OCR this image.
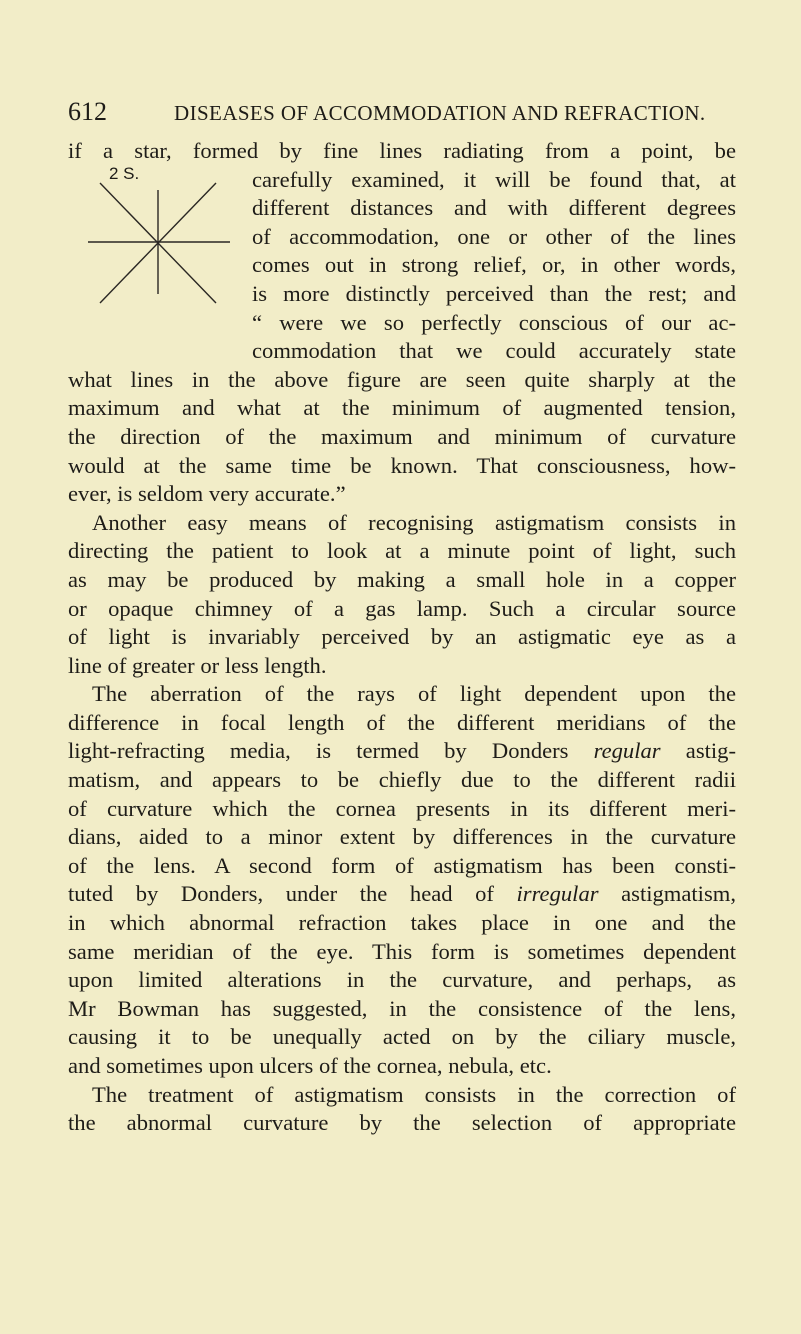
612	DISEASES OF ACCOMMODATION AND REFRACTION.
2 S.
if a star, formed by fine lines radiating from a point, be
carefully examined, it will be found that, at
different distances and with different degrees
of accommodation, one or other of the lines
comes out in strong relief, or, in other words,
is more distinctly perceived than the rest; and
“ were we so perfectly conscious of our ac-
commodation that we could accurately state
what lines in the above figure are seen quite sharply at the
maximum and what at the minimum of augmented tension,
the direction of the maximum and minimum of curvature
would at the same time be known. That consciousness, how-
ever, is seldom very accurate.”
Another easy means of recognising astigmatism consists in
directing the patient to look at a minute point of light, such
as may be produced by making a small hole in a copper
or opaque chimney of a gas lamp. Such a circular source
of light is invariably perceived by an astigmatic eye as a
line of greater or less length.
The aberration of the rays of light dependent upon the
difference in focal length of the different meridians of the
light-refracting media, is termed by Donders regular astig-
matism, and appears to be chiefly due to the different radii
of curvature which the cornea presents in its different meri-
dians, aided to a minor extent by differences in the curvature
of the lens. A second form of astigmatism has been consti-
tuted by Donders, under the head of irregular astigmatism,
in which abnormal refraction takes place in one and the
same meridian of the eye. This form is sometimes dependent
upon limited alterations in the curvature, and perhaps, as
Mr Bowman has suggested, in the consistence of the lens,
causing it to be unequally acted on by the ciliary muscle,
and sometimes upon ulcers of the cornea, nebula, etc.
The treatment of astigmatism consists in the correction of
the abnormal curvature by the selection of appropriate
